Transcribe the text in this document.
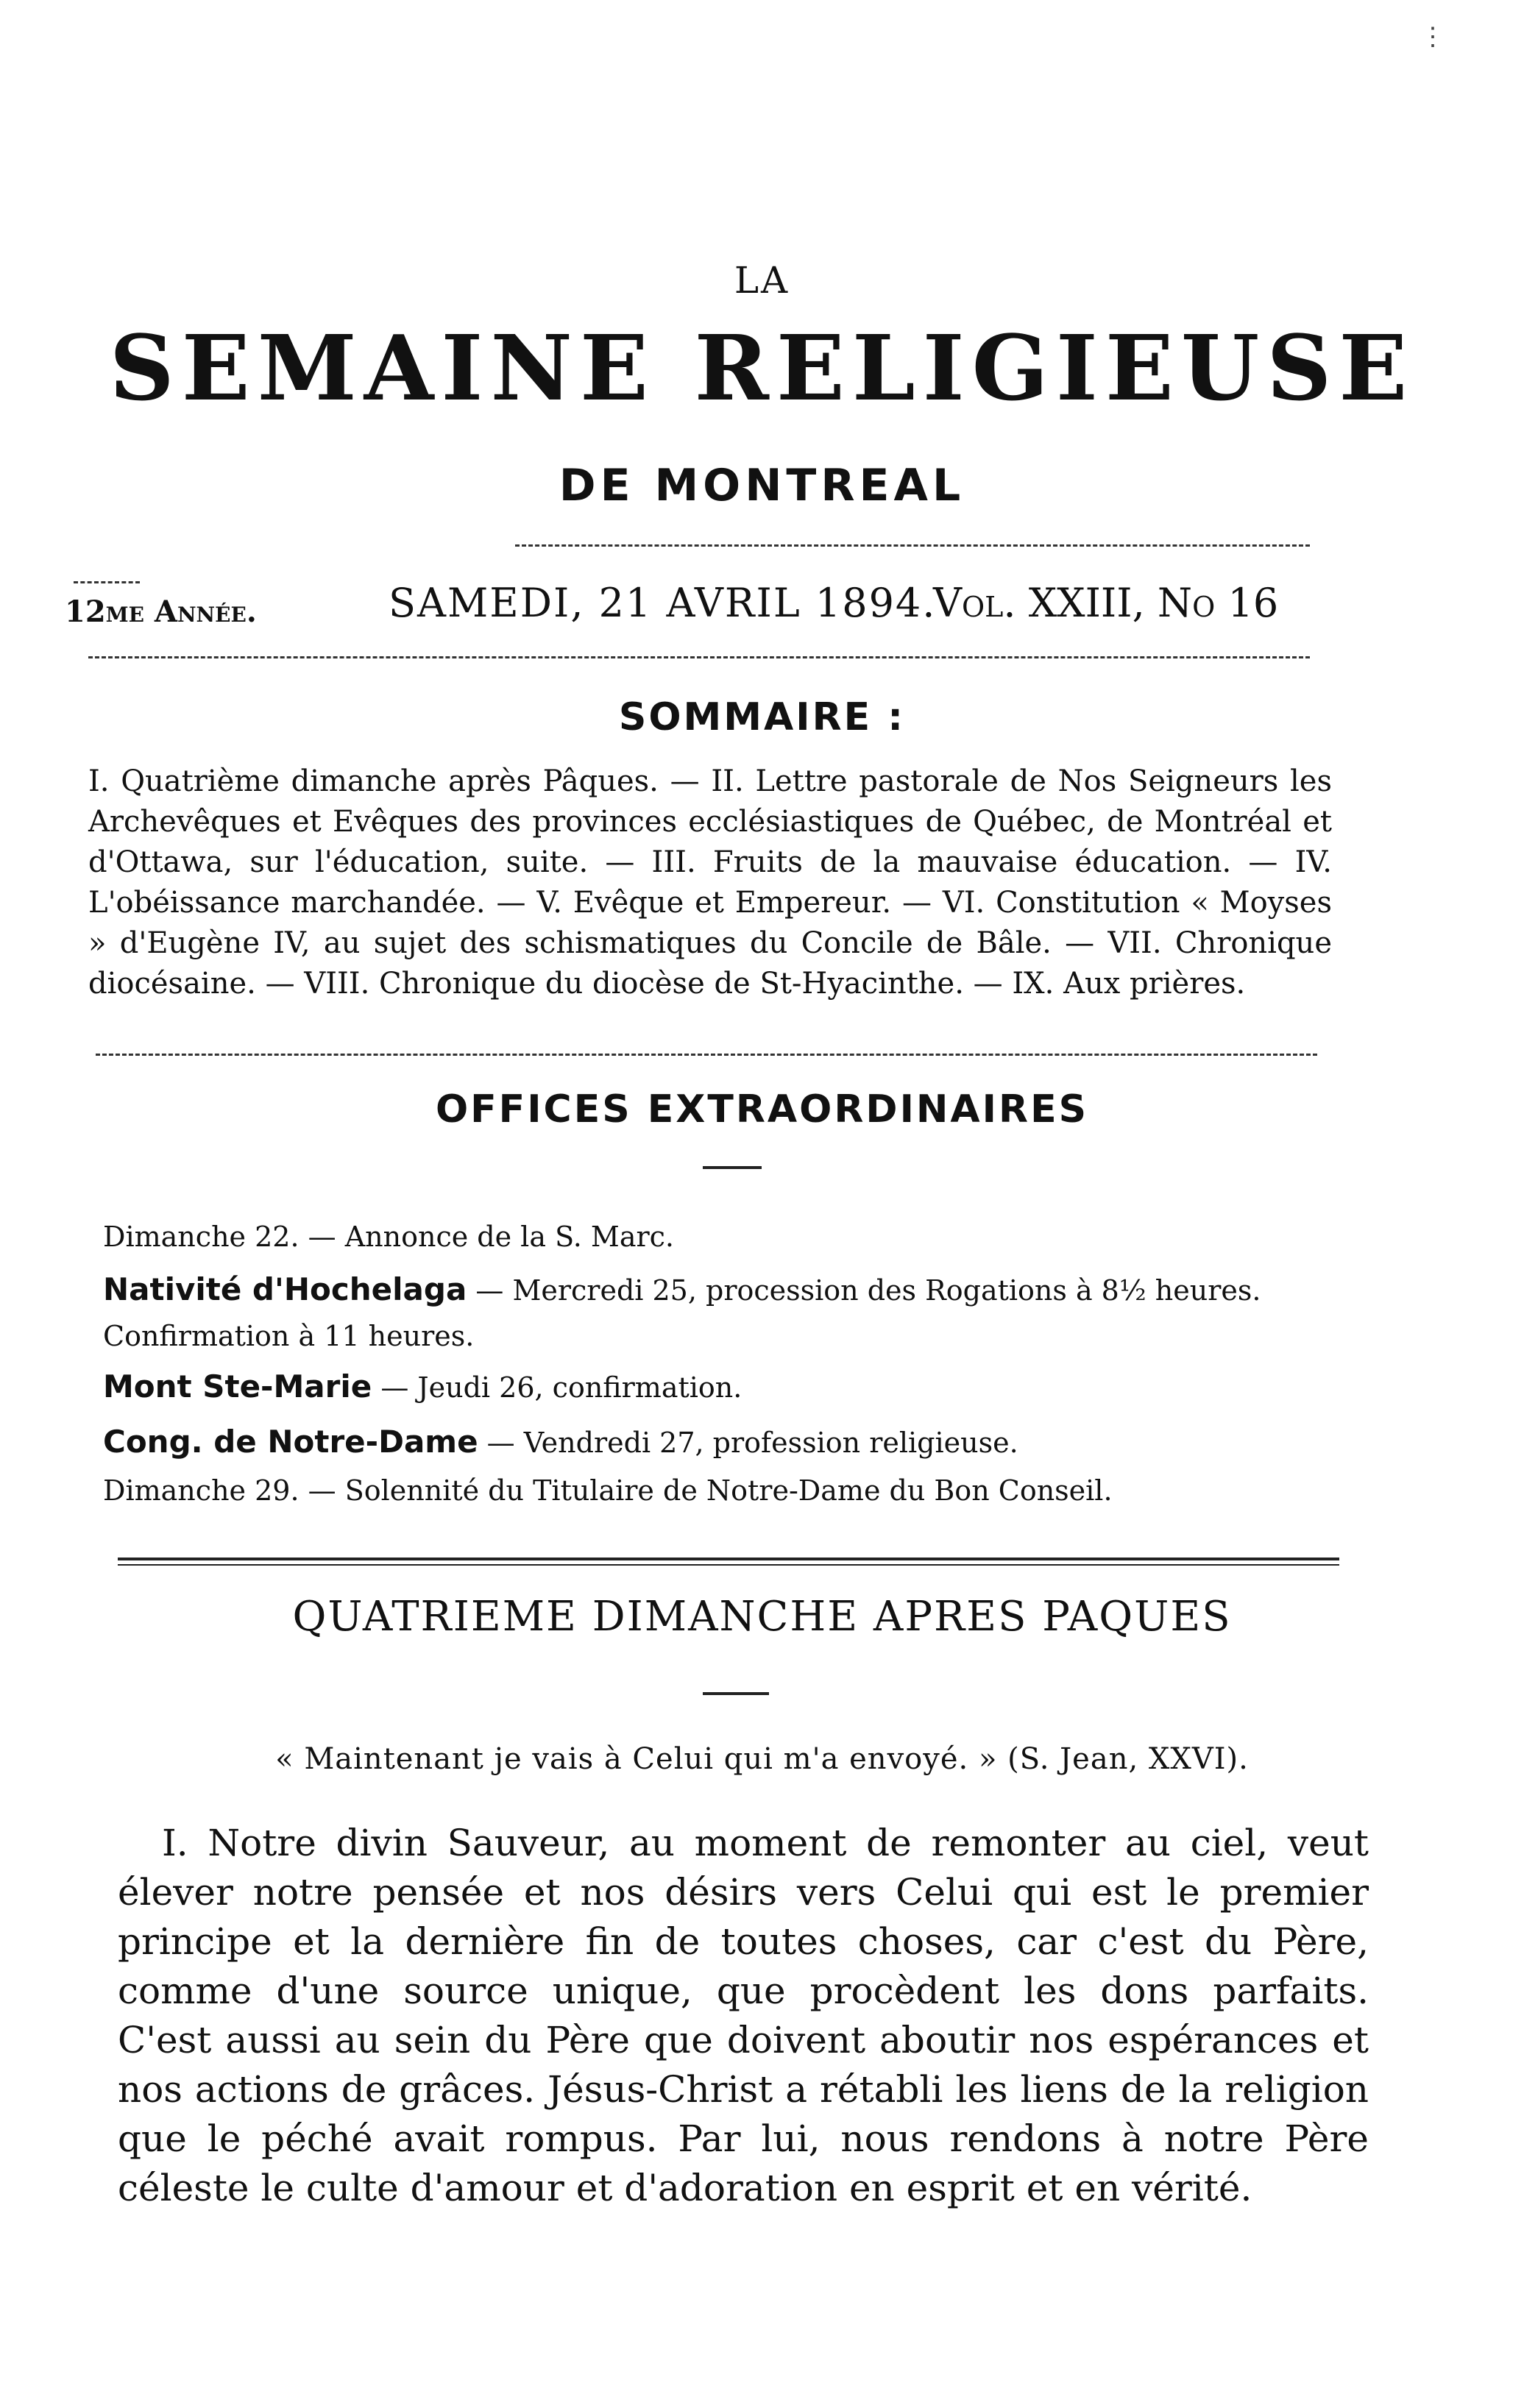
⋮
LA
SEMAINE RELIGIEUSE
DE MONTREAL
12me Année.	SAMEDI, 21 AVRIL 1894.
Vol. XXIII, No 16
SOMMAIRE :
I. Quatrième dimanche après Pâques. — II. Lettre pastorale de Nos Seigneurs les Archevêques et Evêques des provinces ecclésiastiques de Québec, de Montréal et d'Ottawa, sur l'éducation, suite. — III. Fruits de la mauvaise éducation. — IV. L'obéissance marchandée. — V. Evêque et Empereur. — VI. Constitution « Moyses » d'Eugène IV, au sujet des schismatiques du Concile de Bâle. — VII. Chronique diocésaine. — VIII. Chronique du diocèse de St-Hyacinthe. — IX. Aux prières.
OFFICES EXTRAORDINAIRES
Dimanche 22. — Annonce de la S. Marc.
Nativité d'Hochelaga — Mercredi 25, procession des Rogations à 8½ heures.
Confirmation à 11 heures.
Mont Ste-Marie — Jeudi 26, confirmation.
Cong. de Notre-Dame — Vendredi 27, profession religieuse.
Dimanche 29. — Solennité du Titulaire de Notre-Dame du Bon Conseil.
QUATRIEME DIMANCHE APRES PAQUES
« Maintenant je vais à Celui qui m'a envoyé. » (S. Jean, XXVI).

I. Notre divin Sauveur, au moment de remonter au ciel, veut élever notre pensée et nos désirs vers Celui qui est le premier principe et la dernière fin de toutes choses, car c'est du Père, comme d'une source unique, que procèdent les dons parfaits. C'est aussi au sein du Père que doivent aboutir nos espérances et nos actions de grâces. Jésus-Christ a rétabli les liens de la religion que le péché avait rompus. Par lui, nous rendons à notre Père céleste le culte d'amour et d'adoration en esprit et en vérité.
